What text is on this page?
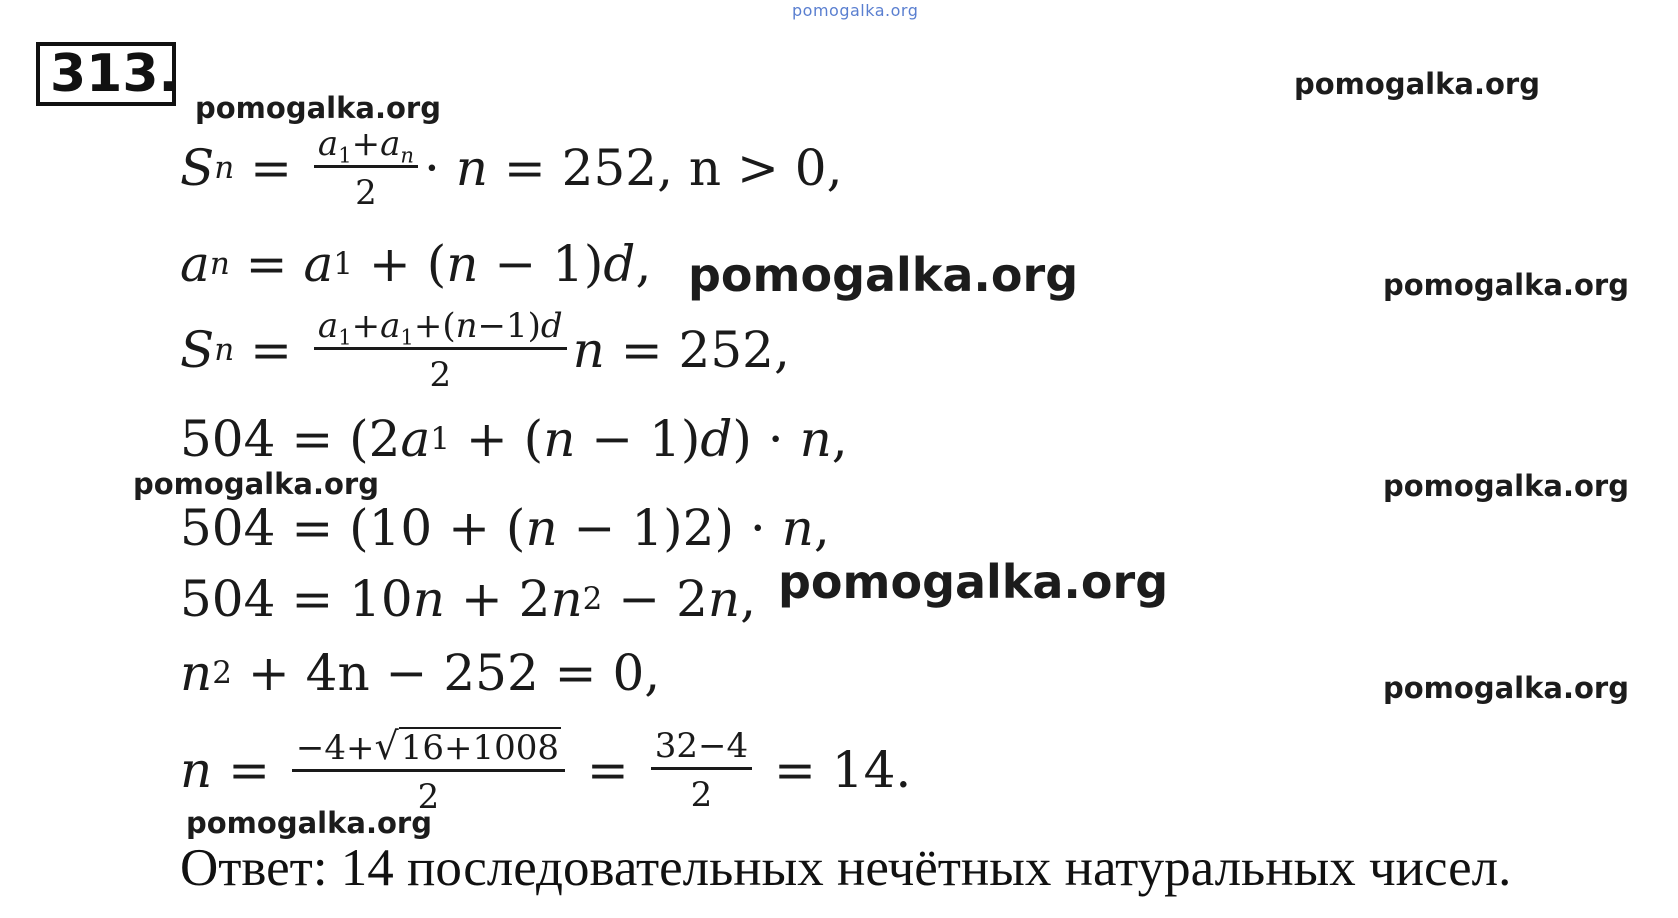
pomogalka.org
pomogalka.org
pomogalka.org
pomogalka.org	pomogalka.org
pomogalka.org	pomogalka.org
pomogalka.org
pomogalka.org
pomogalka.org
313.
S $n = \frac{a_1+a_n}{2} \cdot n$
= 252, n > 0,
a n = a 1 + ( n − 1) d ,
S $n = \frac{a_1+a_1+(n-1)d}{2}$ n = 252,
504 = (2 a 1 + ( n − 1) d ) · n ,
504 = (10 + ( n − 1)2) · n ,
504 = 10 n + 2 n 2 − 2 n ,
n 2
+ 4n − 252 = 0,
$n = \frac{-4+ √ 16+1008}{2} = \frac{32-4}{2}$
= 14.
Ответ: 14 последовательных нечётных натуральных чисел.
